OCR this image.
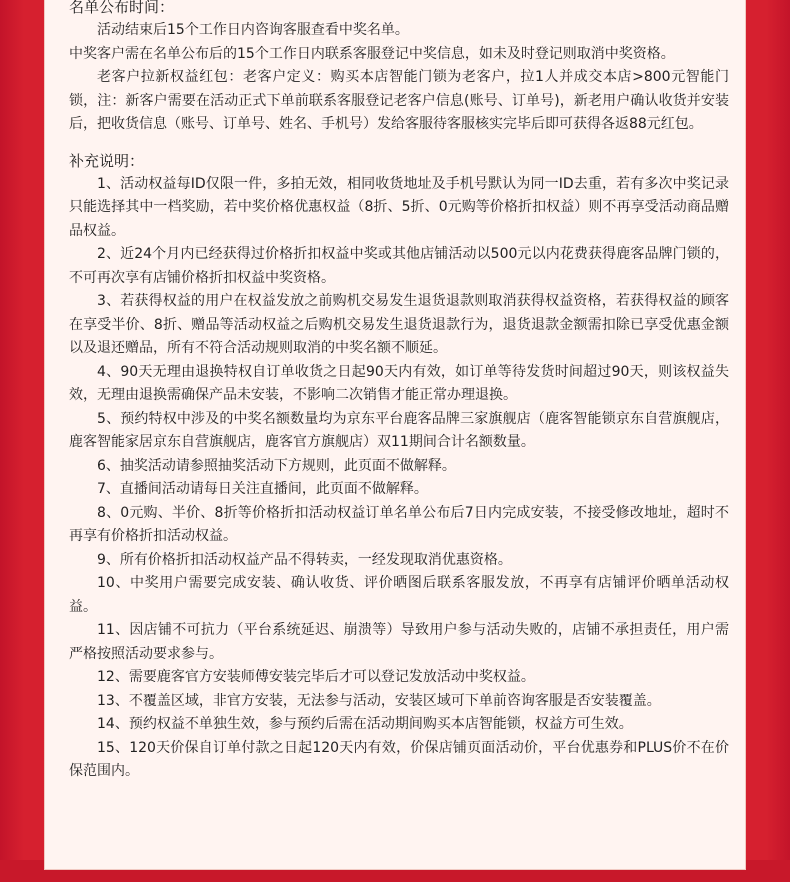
名单公布时间：

活动结束后15个工作日内咨询客服查看中奖名单。

中奖客户需在名单公布后的15个工作日内联系客服登记中奖信息，如未及时登记则取消中奖资格。

老客户拉新权益红包：老客户定义：购买本店智能门锁为老客户，拉1人并成交本店>800元智能门锁，注：新客户需要在活动正式下单前联系客服登记老客户信息(账号、订单号)，新老用户确认收货并安装后，把收货信息（账号、订单号、姓名、手机号）发给客服待客服核实完毕后即可获得各返88元红包。

补充说明：

1、活动权益每ID仅限一件，多拍无效，相同收货地址及手机号默认为同一ID去重，若有多次中奖记录只能选择其中一档奖励，若中奖价格优惠权益（8折、5折、0元购等价格折扣权益）则不再享受活动商品赠品权益。

2、近24个月内已经获得过价格折扣权益中奖或其他店铺活动以500元以内花费获得鹿客品牌门锁的，不可再次享有店铺价格折扣权益中奖资格。

3、若获得权益的用户在权益发放之前购机交易发生退货退款则取消获得权益资格，若获得权益的顾客在享受半价、8折、赠品等活动权益之后购机交易发生退货退款行为，退货退款金额需扣除已享受优惠金额以及退还赠品，所有不符合活动规则取消的中奖名额不顺延。

4、90天无理由退换特权自订单收货之日起90天内有效，如订单等待发货时间超过90天，则该权益失效，无理由退换需确保产品未安装，不影响二次销售才能正常办理退换。

5、预约特权中涉及的中奖名额数量均为京东平台鹿客品牌三家旗舰店（鹿客智能锁京东自营旗舰店，鹿客智能家居京东自营旗舰店，鹿客官方旗舰店）双11期间合计名额数量。

6、抽奖活动请参照抽奖活动下方规则，此页面不做解释。

7、直播间活动请每日关注直播间，此页面不做解释。

8、0元购、半价、8折等价格折扣活动权益订单名单公布后7日内完成安装，不接受修改地址，超时不再享有价格折扣活动权益。

9、所有价格折扣活动权益产品不得转卖，一经发现取消优惠资格。

10、中奖用户需要完成安装、确认收货、评价晒图后联系客服发放，不再享有店铺评价晒单活动权益。

11、因店铺不可抗力（平台系统延迟、崩溃等）导致用户参与活动失败的，店铺不承担责任，用户需严格按照活动要求参与。

12、需要鹿客官方安装师傅安装完毕后才可以登记发放活动中奖权益。

13、不覆盖区域，非官方安装，无法参与活动，安装区域可下单前咨询客服是否安装覆盖。

14、预约权益不单独生效，参与预约后需在活动期间购买本店智能锁，权益方可生效。

15、120天价保自订单付款之日起120天内有效，价保店铺页面活动价，平台优惠券和PLUS价不在价保范围内。
